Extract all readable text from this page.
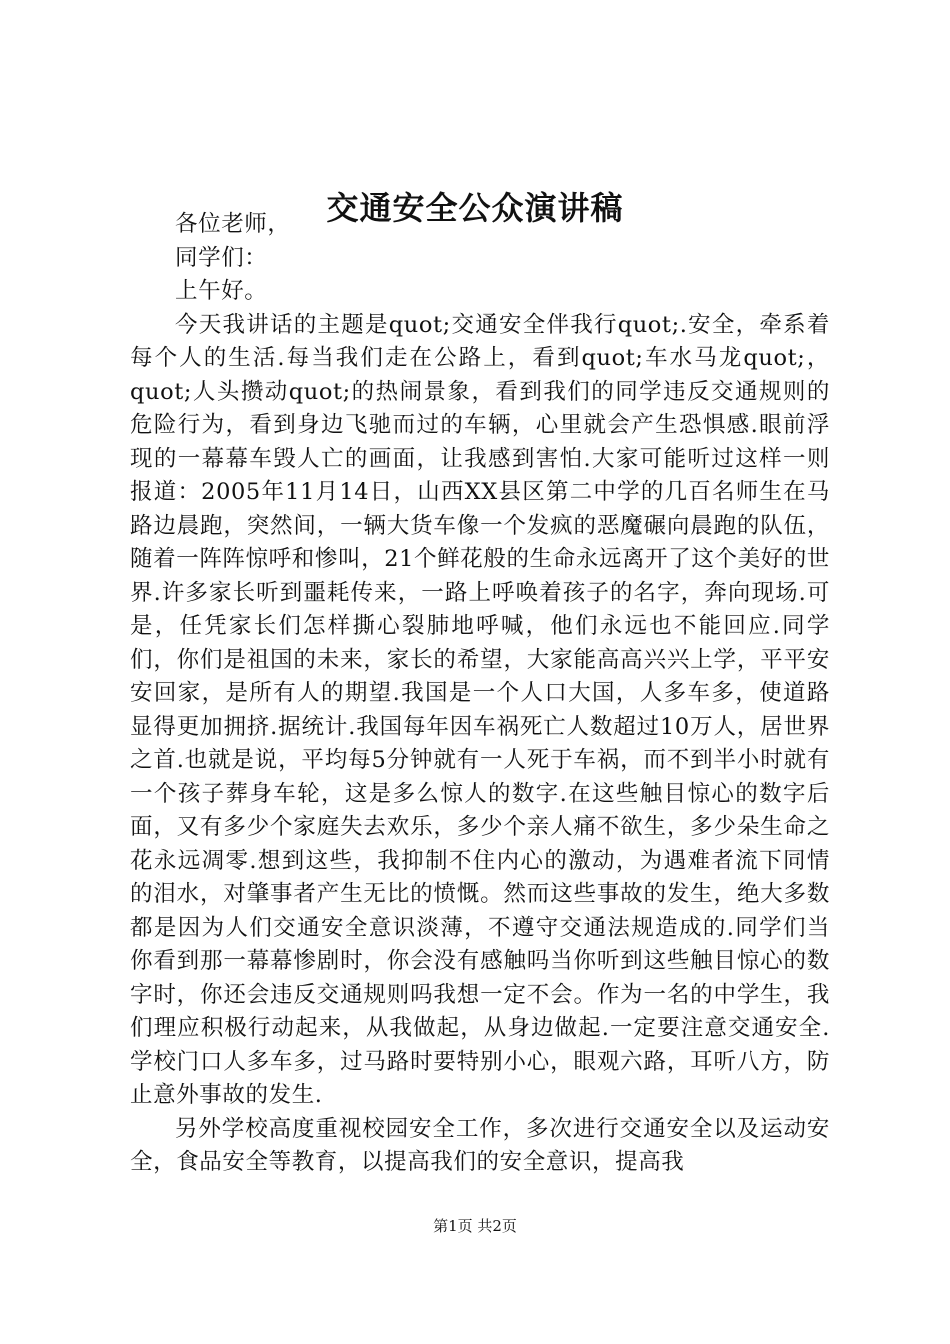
交通安全公众演讲稿

各位老师，

同学们：

上午好。

今天我讲话的主题是quot;交通安全伴我行quot;.安全，牵系着每个人的生活.每当我们走在公路上，看到quot;车水马龙quot;，quot;人头攒动quot;的热闹景象，看到我们的同学违反交通规则的危险行为，看到身边飞驰而过的车辆，心里就会产生恐惧感.眼前浮现的一幕幕车毁人亡的画面，让我感到害怕.大家可能听过这样一则报道：2005年11月14日，山西XX县区第二中学的几百名师生在马路边晨跑，突然间，一辆大货车像一个发疯的恶魔碾向晨跑的队伍，随着一阵阵惊呼和惨叫，21个鲜花般的生命永远离开了这个美好的世界.许多家长听到噩耗传来，一路上呼唤着孩子的名字，奔向现场.可是，任凭家长们怎样撕心裂肺地呼喊，他们永远也不能回应.同学们，你们是祖国的未来，家长的希望，大家能高高兴兴上学，平平安安回家，是所有人的期望.我国是一个人口大国，人多车多，使道路显得更加拥挤.据统计.我国每年因车祸死亡人数超过10万人，居世界之首.也就是说，平均每5分钟就有一人死于车祸，而不到半小时就有一个孩子葬身车轮，这是多么惊人的数字.在这些触目惊心的数字后面，又有多少个家庭失去欢乐，多少个亲人痛不欲生，多少朵生命之花永远凋零.想到这些，我抑制不住内心的激动，为遇难者流下同情的泪水，对肇事者产生无比的愤慨。然而这些事故的发生，绝大多数都是因为人们交通安全意识淡薄，不遵守交通法规造成的.同学们当你看到那一幕幕惨剧时，你会没有感触吗当你听到这些触目惊心的数字时，你还会违反交通规则吗我想一定不会。作为一名的中学生，我们理应积极行动起来，从我做起，从身边做起.一定要注意交通安全.学校门口人多车多，过马路时要特别小心，眼观六路，耳听八方，防止意外事故的发生.

另外学校高度重视校园安全工作，多次进行交通安全以及运动安全，食品安全等教育，以提高我们的安全意识，提高我

第1页 共2页
